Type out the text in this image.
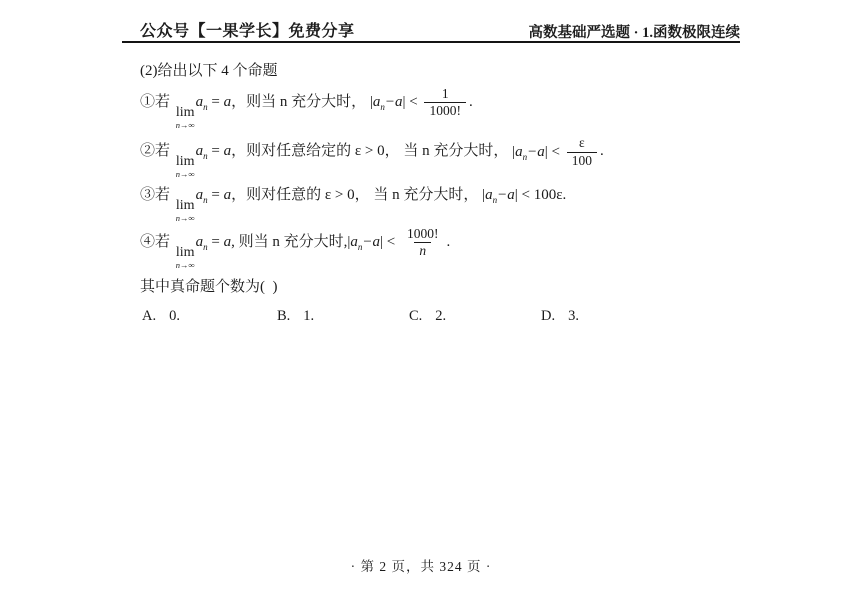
公众号【一果学长】免费分享	高数基础严选题 · 1.函数极限连续
(2)给出以下 4 个命题
①若
lim
n→∞
$a_n = a$，则当 n 充分大时， $|a_n-a| < \frac{1}{1000!}$ .
②若
lim
n→∞
$a_n = a$，则对任意给定的 ε > 0， 当 n 充分大时， $|a_n-a| < \frac{\varepsilon}{100}$ .
③若
lim
n→∞
$a_n = a$，则对任意的 ε > 0， 当 n 充分大时， $|a_n-a| < 100\varepsilon$.
④若
lim
n→∞
$a_n = a$, 则当 n 充分大时$,|a_n-a| < \frac{1000!}{n}$ .
其中真命题个数为(  )
A. 0.	B. 1.	C. 2.	D. 3.
· 第 2 页，共 324 页 ·
